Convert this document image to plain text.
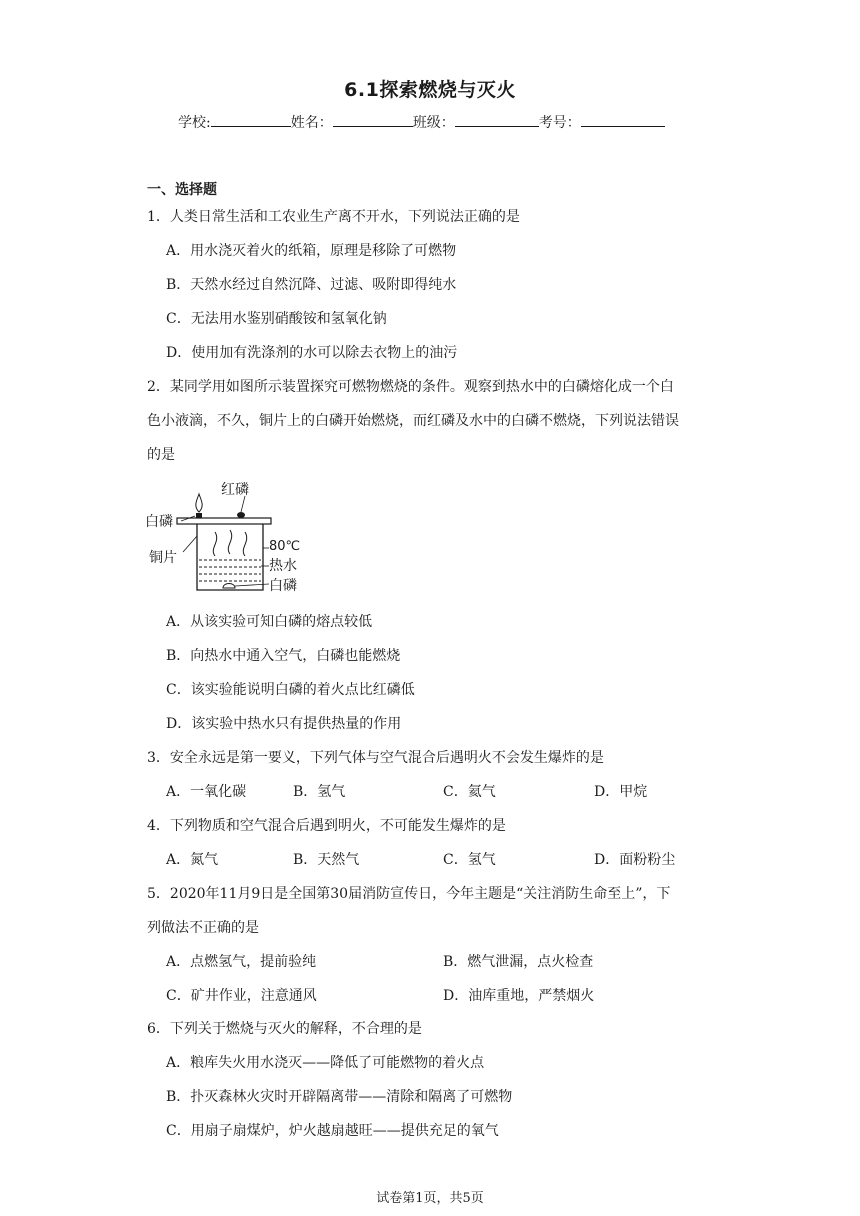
6.1探索燃烧与灭火
学校:	姓名：	班级：	考号：
一、选择题
1．人类日常生活和工农业生产离不开水，下列说法正确的是
A．用水浇灭着火的纸箱，原理是移除了可燃物
B．天然水经过自然沉降、过滤、吸附即得纯水
C．无法用水鉴别硝酸铵和氢氧化钠
D．使用加有洗涤剂的水可以除去衣物上的油污
2．某同学用如图所示装置探究可燃物燃烧的条件。观察到热水中的白磷熔化成一个白
色小液滴，不久，铜片上的白磷开始燃烧，而红磷及水中的白磷不燃烧，下列说法错误
的是
红磷
白磷
铜片
80℃
热水
白磷
A．从该实验可知白磷的熔点较低
B．向热水中通入空气，白磷也能燃烧
C．该实验能说明白磷的着火点比红磷低
D．该实验中热水只有提供热量的作用
3．安全永远是第一要义，下列气体与空气混合后遇明火不会发生爆炸的是
A．一氧化碳	B．氢气	C．氦气	D．甲烷
4．下列物质和空气混合后遇到明火，不可能发生爆炸的是
A．氮气	B．天然气	C．氢气	D．面粉粉尘
5．2020年11月9日是全国第30届消防宣传日，今年主题是“关注消防生命至上”，下
列做法不正确的是
A．点燃氢气，提前验纯	B．燃气泄漏，点火检查
C．矿井作业，注意通风	D．油库重地，严禁烟火
6．下列关于燃烧与灭火的解释，不合理的是
A．粮库失火用水浇灭——降低了可能燃物的着火点
B．扑灭森林火灾时开辟隔离带——清除和隔离了可燃物
C．用扇子扇煤炉，炉火越扇越旺——提供充足的氧气
试卷第1页，共5页
